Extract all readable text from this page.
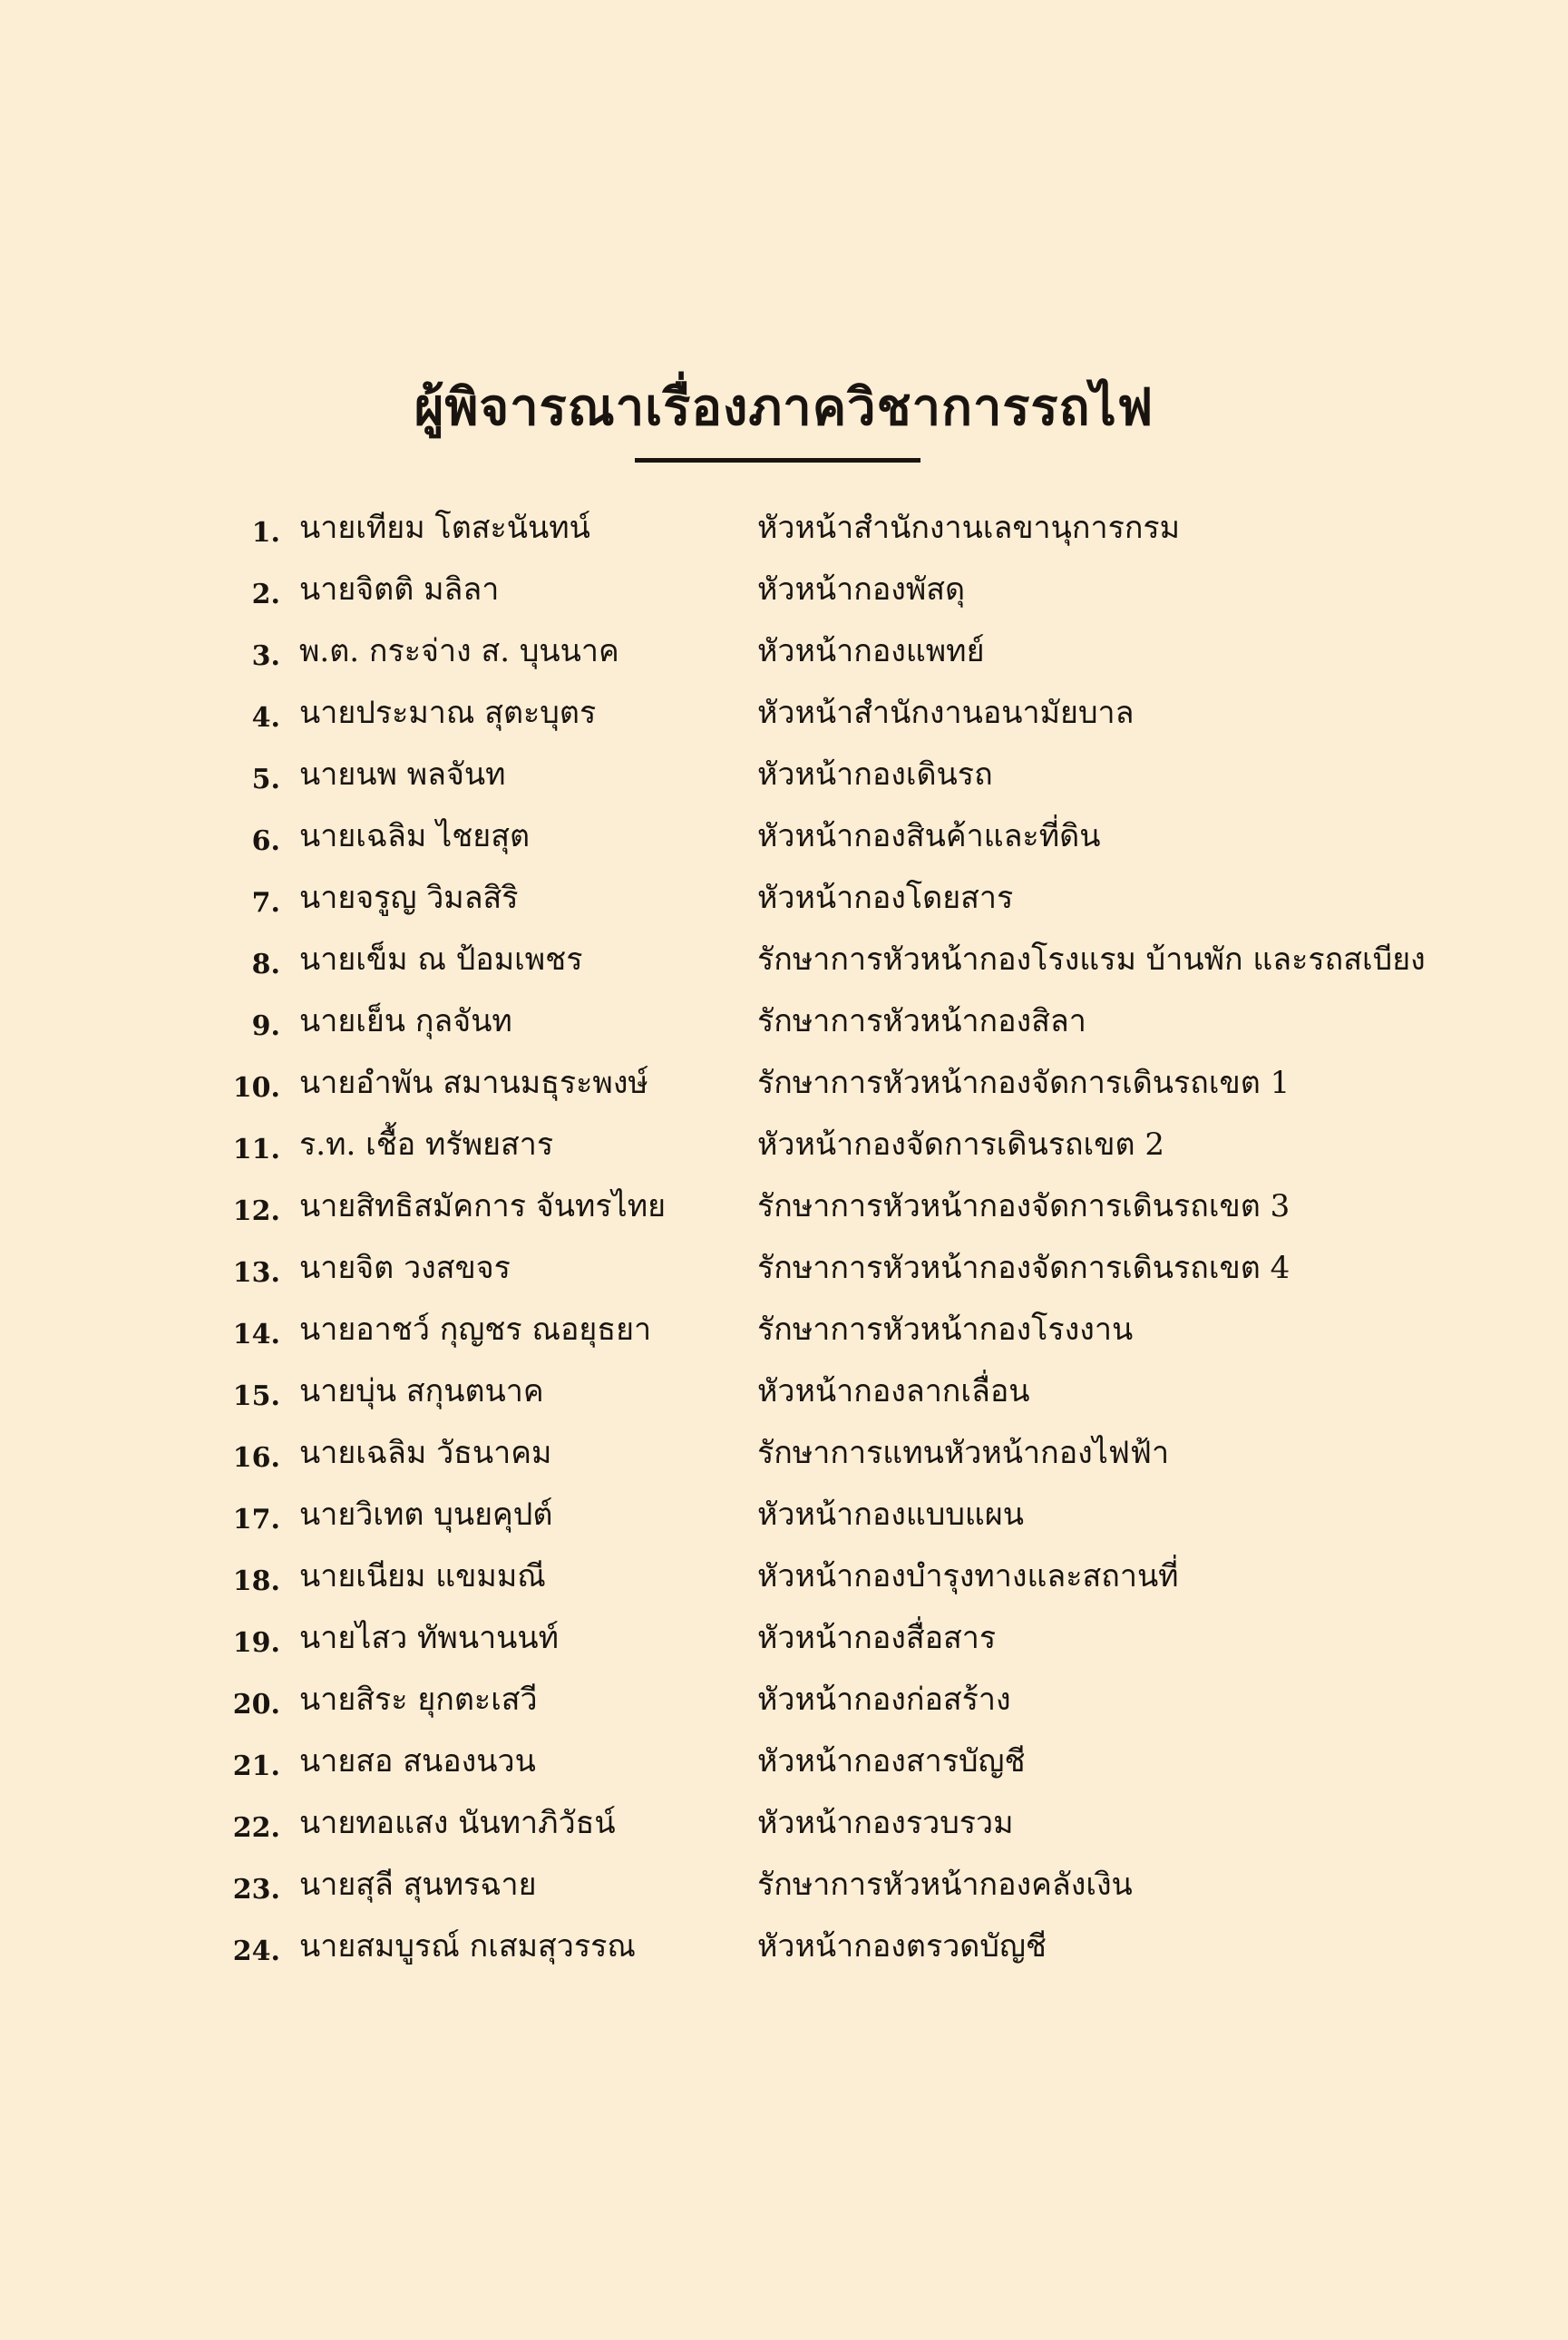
ผู้พิจารณาเรื่องภาควิชาการรถไฟ
1. นายเทียม โตสะนันทน์	หัวหน้าสำนักงานเลขานุการกรม
2. นายจิตติ มลิลา	หัวหน้ากองพัสดุ
3. พ.ต. กระจ่าง ส. บุนนาค	หัวหน้ากองแพทย์
4. นายประมาณ สุตะบุตร	หัวหน้าสำนักงานอนามัยบาล
5. นายนพ พลจันท	หัวหน้ากองเดินรถ
6. นายเฉลิม ไชยสุต	หัวหน้ากองสินค้าและที่ดิน
7. นายจรูญ วิมลสิริ	หัวหน้ากองโดยสาร
8. นายเข็ม ณ ป้อมเพชร	รักษาการหัวหน้ากองโรงแรม บ้านพัก และรถสเบียง
9. นายเย็น กุลจันท	รักษาการหัวหน้ากองสิลา
10. นายอำพัน สมานมธุระพงษ์	รักษาการหัวหน้ากองจัดการเดินรถเขต 1
11. ร.ท. เชื้อ ทรัพยสาร	หัวหน้ากองจัดการเดินรถเขต 2
12. นายสิทธิสมัคการ จันทรไทย	รักษาการหัวหน้ากองจัดการเดินรถเขต 3
13. นายจิต วงสขจร	รักษาการหัวหน้ากองจัดการเดินรถเขต 4
14. นายอาชว์ กุญชร ณอยุธยา	รักษาการหัวหน้ากองโรงงาน
15. นายบุ่น สกุนตนาค	หัวหน้ากองลากเลื่อน
16. นายเฉลิม วัธนาคม	รักษาการแทนหัวหน้ากองไฟฟ้า
17. นายวิเทต บุนยคุปต์	หัวหน้ากองแบบแผน
18. นายเนียม แขมมณี	หัวหน้ากองบำรุงทางและสถานที่
19. นายไสว ทัพนานนท์	หัวหน้ากองสื่อสาร
20. นายสิระ ยุกตะเสวี	หัวหน้ากองก่อสร้าง
21. นายสอ สนองนวน	หัวหน้ากองสารบัญชี
22. นายทอแสง นันทาภิวัธน์	หัวหน้ากองรวบรวม
23. นายสุลี สุนทรฉาย	รักษาการหัวหน้ากองคลังเงิน
24. นายสมบูรณ์ กเสมสุวรรณ	หัวหน้ากองตรวดบัญชี
